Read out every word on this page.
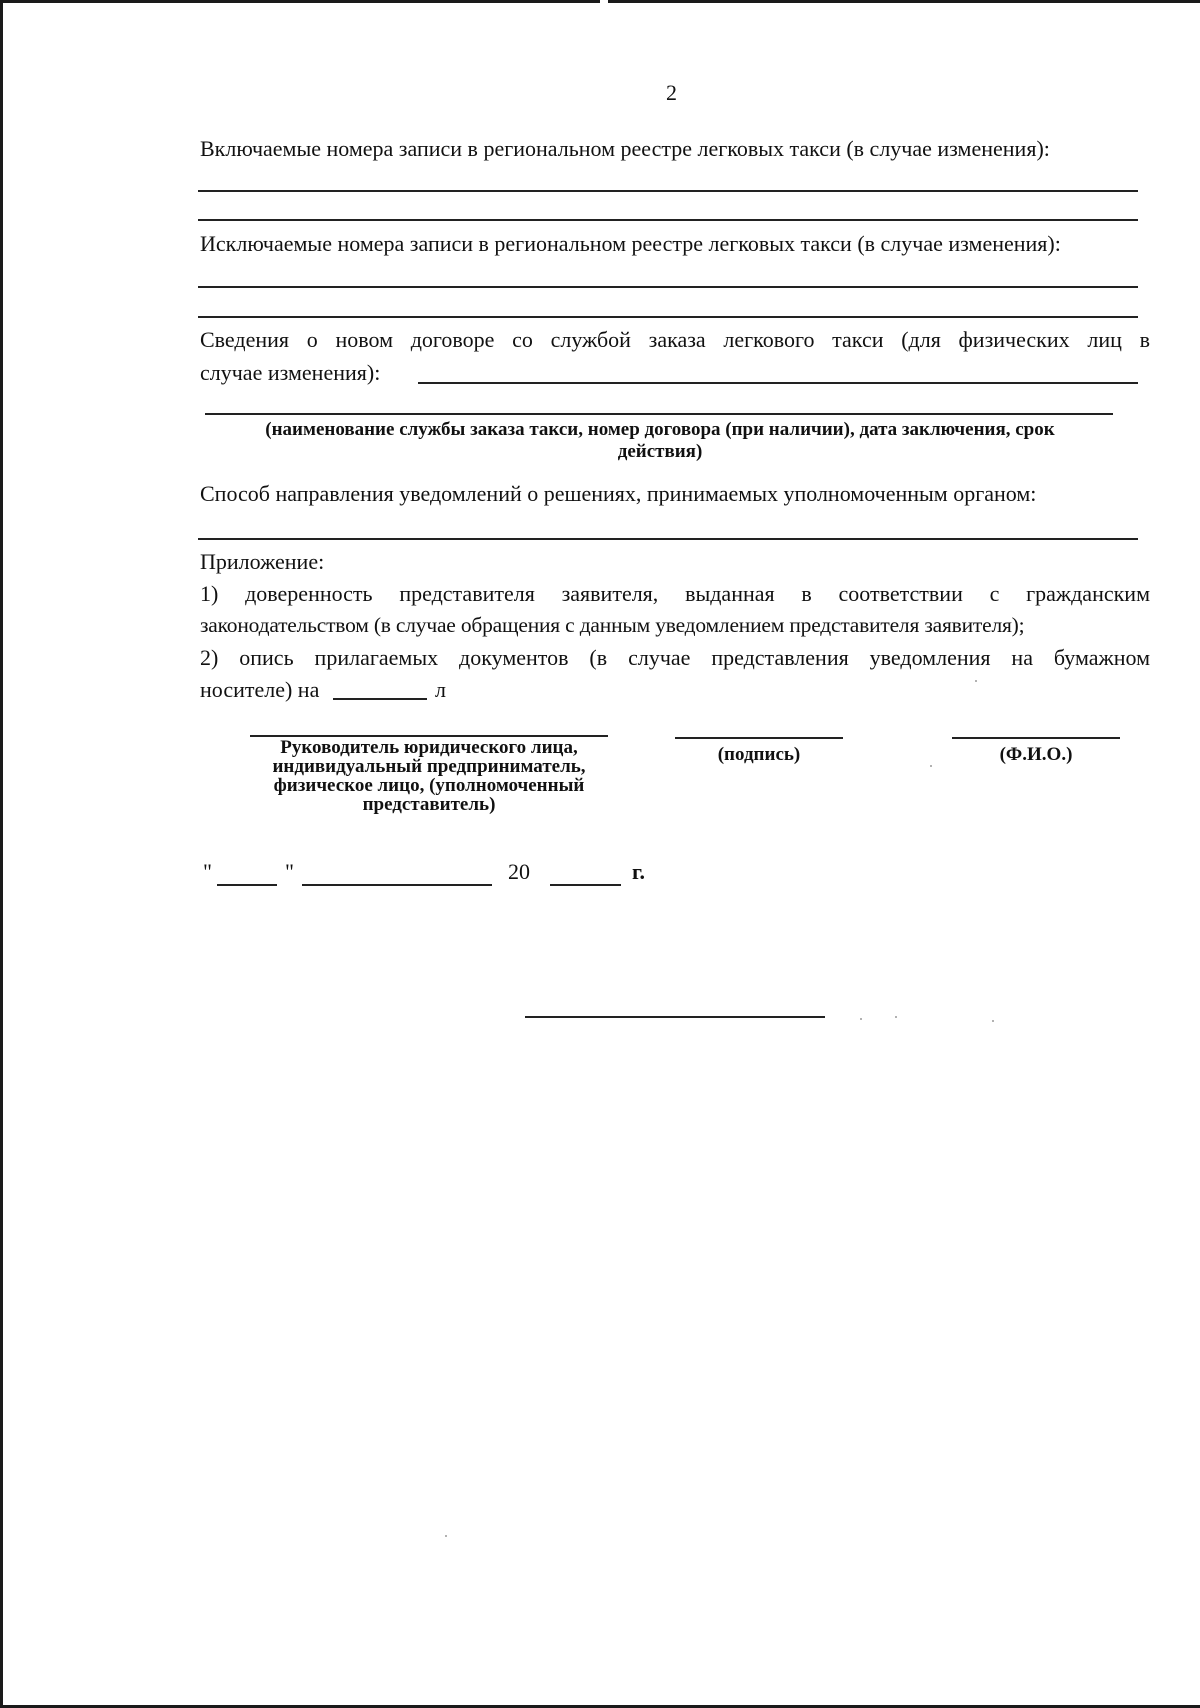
2
Включаемые номера записи в региональном реестре легковых такси (в случае изменения):
Исключаемые номера записи в региональном реестре легковых такси (в случае изменения):
Сведения о новом договоре со службой заказа легкового такси (для физических лиц в
случае изменения):
(наименование службы заказа такси, номер договора (при наличии), дата заключения, срок действия)
Способ направления уведомлений о решениях, принимаемых уполномоченным органом:
Приложение:
1) доверенность представителя заявителя, выданная в соответствии с гражданским
законодательством (в случае обращения с данным уведомлением представителя заявителя);
2) опись прилагаемых документов (в случае представления уведомления на бумажном
носителе) на	л
Руководитель юридического лица, индивидуальный предприниматель, физическое лицо, (уполномоченный представитель)
(подпись)	(Ф.И.О.)
"	"	20	г.
